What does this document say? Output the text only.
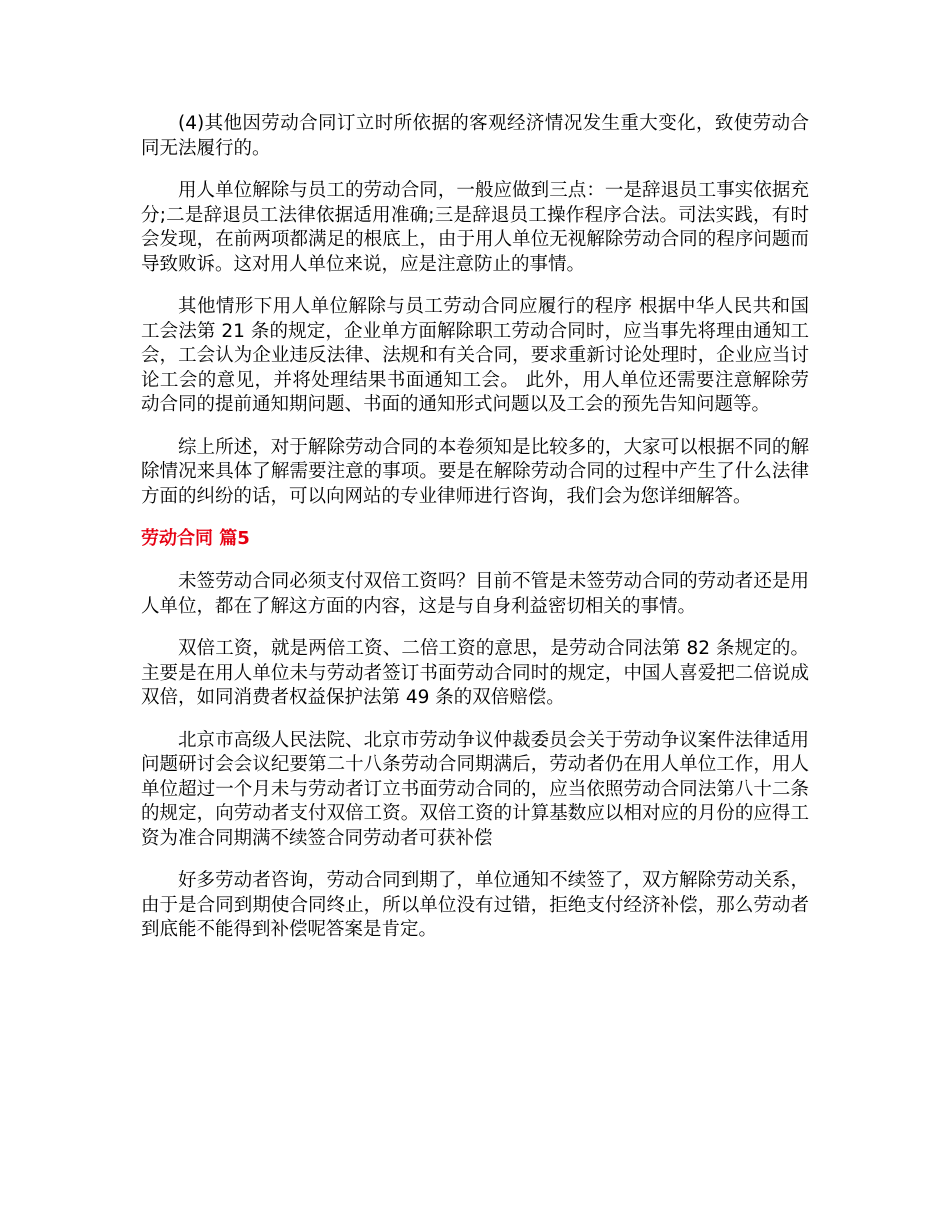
(4)其他因劳动合同订立时所依据的客观经济情况发生重大变化，致使劳动合同无法履行的。

用人单位解除与员工的劳动合同，一般应做到三点：一是辞退员工事实依据充分;二是辞退员工法律依据适用准确;三是辞退员工操作程序合法。司法实践，有时会发现，在前两项都满足的根底上，由于用人单位无视解除劳动合同的程序问题而导致败诉。这对用人单位来说，应是注意防止的事情。

其他情形下用人单位解除与员工劳动合同应履行的程序 根据中华人民共和国工会法第 21 条的规定，企业单方面解除职工劳动合同时，应当事先将理由通知工会，工会认为企业违反法律、法规和有关合同，要求重新讨论处理时，企业应当讨论工会的意见，并将处理结果书面通知工会。 此外，用人单位还需要注意解除劳动合同的提前通知期问题、书面的通知形式问题以及工会的预先告知问题等。

综上所述，对于解除劳动合同的本卷须知是比较多的，大家可以根据不同的解除情况来具体了解需要注意的事项。要是在解除劳动合同的过程中产生了什么法律方面的纠纷的话，可以向网站的专业律师进行咨询，我们会为您详细解答。

劳动合同 篇5

未签劳动合同必须支付双倍工资吗？目前不管是未签劳动合同的劳动者还是用人单位，都在了解这方面的内容，这是与自身利益密切相关的事情。

双倍工资，就是两倍工资、二倍工资的意思，是劳动合同法第 82 条规定的。主要是在用人单位未与劳动者签订书面劳动合同时的规定，中国人喜爱把二倍说成双倍，如同消费者权益保护法第 49 条的双倍赔偿。

北京市高级人民法院、北京市劳动争议仲裁委员会关于劳动争议案件法律适用问题研讨会会议纪要第二十八条劳动合同期满后，劳动者仍在用人单位工作，用人单位超过一个月未与劳动者订立书面劳动合同的，应当依照劳动合同法第八十二条的规定，向劳动者支付双倍工资。双倍工资的计算基数应以相对应的月份的应得工资为准合同期满不续签合同劳动者可获补偿

好多劳动者咨询，劳动合同到期了，单位通知不续签了，双方解除劳动关系，由于是合同到期使合同终止，所以单位没有过错，拒绝支付经济补偿，那么劳动者到底能不能得到补偿呢答案是肯定。
